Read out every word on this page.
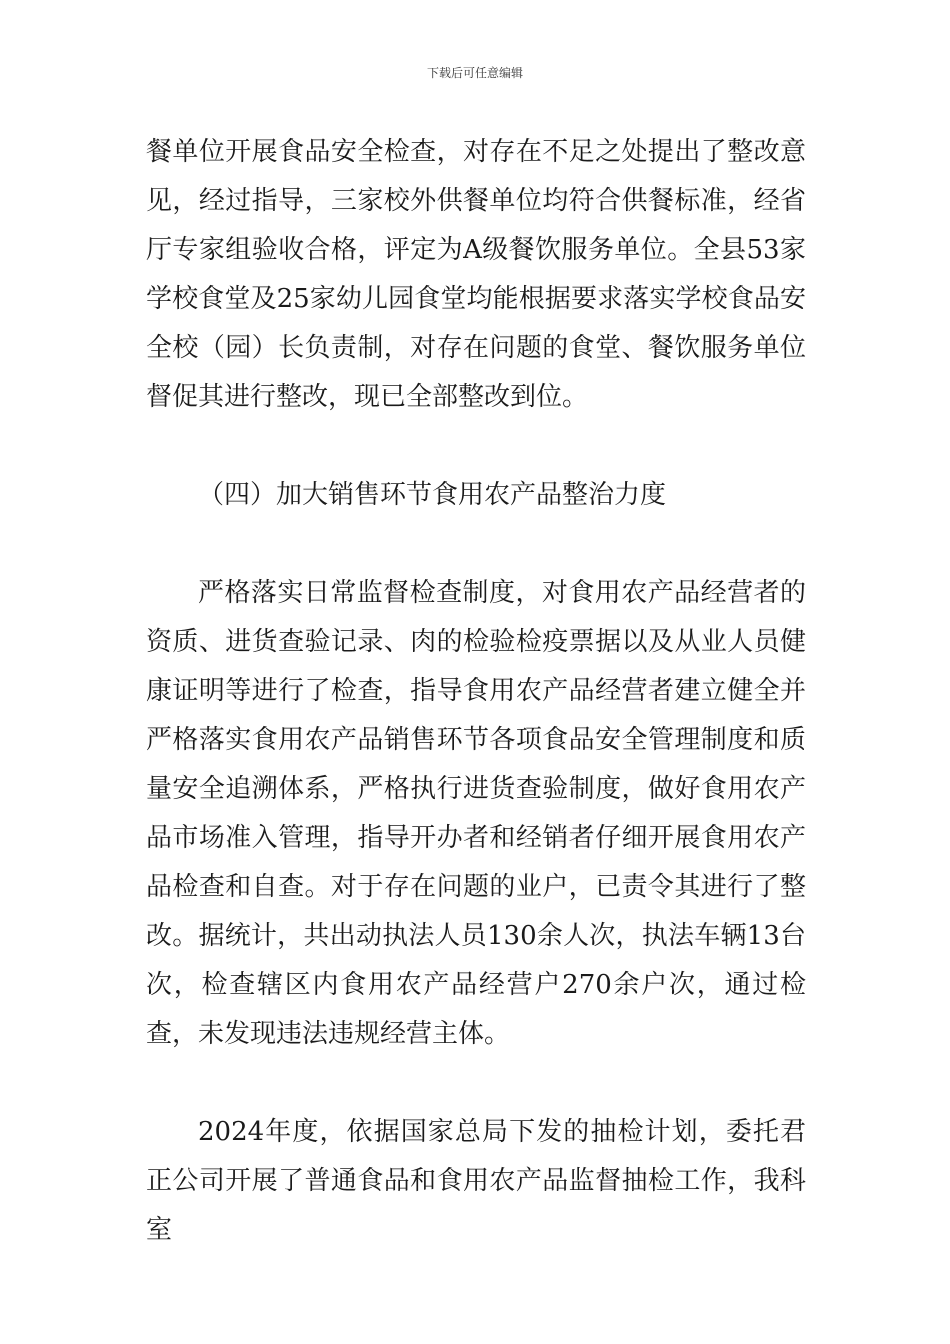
下载后可任意编辑

餐单位开展食品安全检查，对存在不足之处提出了整改意见，经过指导，三家校外供餐单位均符合供餐标准，经省厅专家组验收合格，评定为A级餐饮服务单位。全县53家学校食堂及25家幼儿园食堂均能根据要求落实学校食品安全校（园）长负责制，对存在问题的食堂、餐饮服务单位督促其进行整改，现已全部整改到位。

（四）加大销售环节食用农产品整治力度

严格落实日常监督检查制度，对食用农产品经营者的资质、进货查验记录、肉的检验检疫票据以及从业人员健康证明等进行了检查，指导食用农产品经营者建立健全并严格落实食用农产品销售环节各项食品安全管理制度和质量安全追溯体系，严格执行进货查验制度，做好食用农产品市场准入管理，指导开办者和经销者仔细开展食用农产品检查和自查。对于存在问题的业户，已责令其进行了整改。据统计，共出动执法人员130余人次，执法车辆13台次，检查辖区内食用农产品经营户270余户次，通过检查，未发现违法违规经营主体。

2024年度，依据国家总局下发的抽检计划，委托君正公司开展了普通食品和食用农产品监督抽检工作，我科室
